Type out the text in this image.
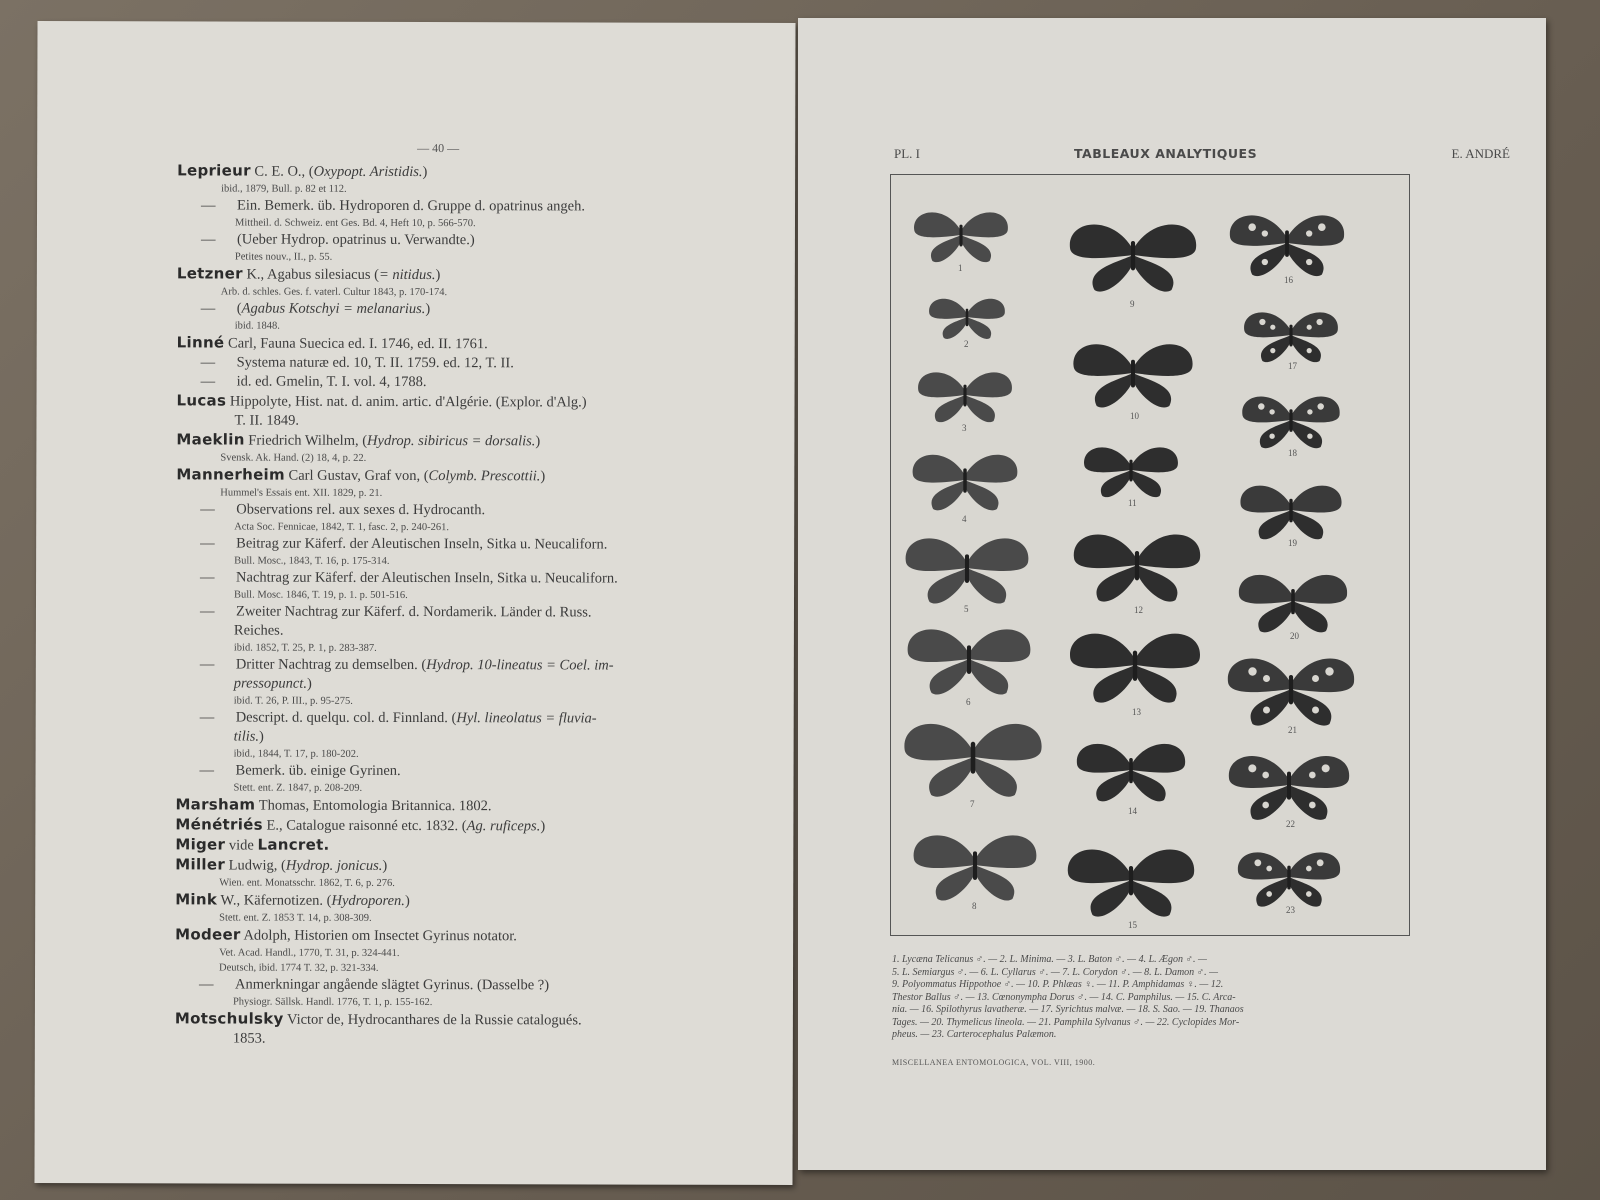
— 40 —
Leprieur C. E. O., (Oxypopt. Aristidis.)
ibid., 1879, Bull. p. 82 et 112.
— Ein. Bemerk. üb. Hydroporen d. Gruppe d. opatrinus angeh.
Mittheil. d. Schweiz. ent Ges. Bd. 4, Heft 10, p. 566-570.
— (Ueber Hydrop. opatrinus u. Verwandte.)
Petites nouv., II., p. 55.
Letzner K., Agabus silesiacus (= nitidus.)
Arb. d. schles. Ges. f. vaterl. Cultur 1843, p. 170-174.
— (Agabus Kotschyi = melanarius.)
ibid. 1848.
Linné Carl, Fauna Suecica ed. I. 1746, ed. II. 1761.
— Systema naturæ ed. 10, T. II. 1759. ed. 12, T. II.
— id. ed. Gmelin, T. I. vol. 4, 1788.
Lucas Hippolyte, Hist. nat. d. anim. artic. d'Algérie. (Explor. d'Alg.)
T. II. 1849.
Maeklin Friedrich Wilhelm, (Hydrop. sibiricus = dorsalis.)
Svensk. Ak. Hand. (2) 18, 4, p. 22.
Mannerheim Carl Gustav, Graf von, (Colymb. Prescottii.)
Hummel's Essais ent. XII. 1829, p. 21.
— Observations rel. aux sexes d. Hydrocanth.
Acta Soc. Fennicae, 1842, T. 1, fasc. 2, p. 240-261.
— Beitrag zur Käferf. der Aleutischen Inseln, Sitka u. Neucaliforn.
Bull. Mosc., 1843, T. 16, p. 175-314.
— Nachtrag zur Käferf. der Aleutischen Inseln, Sitka u. Neucaliforn.
Bull. Mosc. 1846, T. 19, p. 1. p. 501-516.
— Zweiter Nachtrag zur Käferf. d. Nordamerik. Länder d. Russ.
Reiches.
ibid. 1852, T. 25, P. 1, p. 283-387.
— Dritter Nachtrag zu demselben. (Hydrop. 10-lineatus = Coel. im-
pressopunct.)
ibid. T. 26, P. III., p. 95-275.
— Descript. d. quelqu. col. d. Finnland. (Hyl. lineolatus = fluvia-
tilis.)
ibid., 1844, T. 17, p. 180-202.
— Bemerk. üb. einige Gyrinen.
Stett. ent. Z. 1847, p. 208-209.
Marsham Thomas, Entomologia Britannica. 1802.
Ménétriés E., Catalogue raisonné etc. 1832. (Ag. ruficeps.)
Miger vide Lancret.
Miller Ludwig, (Hydrop. jonicus.)
Wien. ent. Monatsschr. 1862, T. 6, p. 276.
Mink W., Käfernotizen. (Hydroporen.)
Stett. ent. Z. 1853 T. 14, p. 308-309.
Modeer Adolph, Historien om Insectet Gyrinus notator.
Vet. Acad. Handl., 1770, T. 31, p. 324-441.
Deutsch, ibid. 1774 T. 32, p. 321-334.
— Anmerkningar angående slägtet Gyrinus. (Dasselbe ?)
Physiogr. Sällsk. Handl. 1776, T. 1, p. 155-162.
Motschulsky Victor de, Hydrocanthares de la Russie catalogués.
1853.
PL. I	TABLEAUX ANALYTIQUES	E. ANDRÉ
1
2
3
4
5
6
7
8
9
10
11
12
13
14
15
16
17
18
19
20
21
22
23
1. Lycæna Telicanus ♂. — 2. L. Minima. — 3. L. Baton ♂. — 4. L. Ægon ♂. —
5. L. Semiargus ♂. — 6. L. Cyllarus ♂. — 7. L. Corydon ♂. — 8. L. Damon ♂. —
9. Polyommatus Hippothoe ♂. — 10. P. Phlæas ♀. — 11. P. Amphidamas ♀. — 12.
Thestor Ballus ♂. — 13. Cœnonympha Dorus ♂. — 14. C. Pamphilus. — 15. C. Arca-
nia. — 16. Spilothyrus lavatheræ. — 17. Syrichtus malvæ. — 18. S. Sao. — 19. Thanaos
Tages. — 20. Thymelicus lineola. — 21. Pamphila Sylvanus ♂. — 22. Cyclopides Mor-
pheus. — 23. Carterocephalus Palæmon.
MISCELLANEA ENTOMOLOGICA, VOL. VIII, 1900.
